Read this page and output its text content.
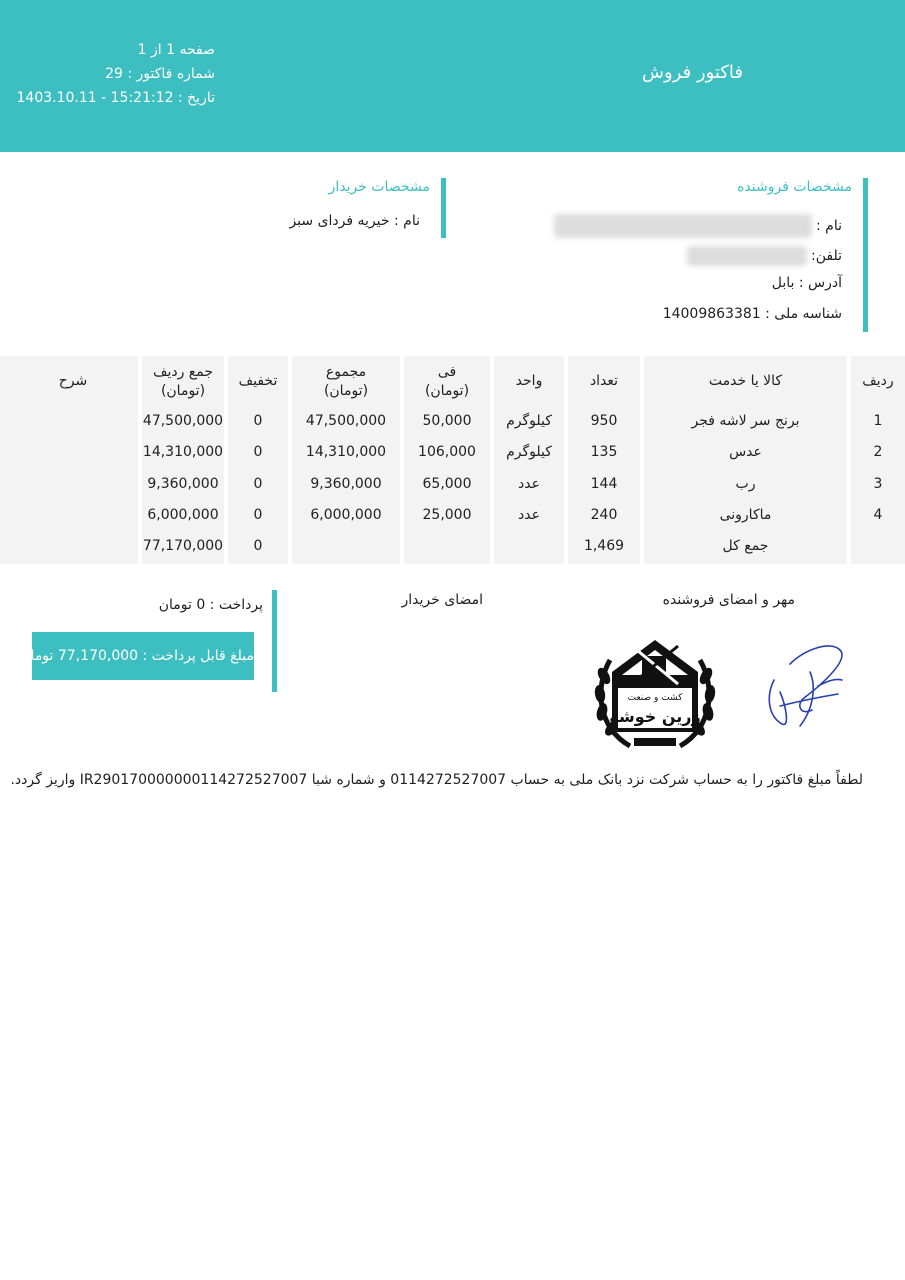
فاکتور فروش
صفحه 1 از 1
شماره فاکتور : 29
تاریخ : 15:21:12 - 1403.10.11
مشخصات فروشنده
نام :
تلفن:
آدرس : بابل
شناسه ملی : 14009863381
مشخصات خریدار
نام : خیریه فردای سبز
ردیف
کالا یا خدمت
تعداد
واحد
فی
(تومان)
مجموع
(تومان)
تخفیف
جمع ردیف
(تومان)
شرح
1
برنج سر لاشه فجر
950
کیلوگرم
50,000
47,500,000
0
47,500,000
2
عدس
135
کیلوگرم
106,000
14,310,000
0
14,310,000
3
رب
144
عدد
65,000
9,360,000
0
9,360,000
4
ماکارونی
240
عدد
25,000
6,000,000
0
6,000,000
جمع کل
1,469
0
77,170,000
پرداخت : 0 تومان
مبلغ قابل پرداخت : 77,170,000 تومان
مهر و امضای فروشنده
امضای خریدار
کشت و صنعت
زرین خوشه
لطفاً مبلغ فاکتور را به حساب شرکت نزد بانک ملی به حساب 0114272527007 و شماره شبا IR290170000000114272527007 واریز گردد.
